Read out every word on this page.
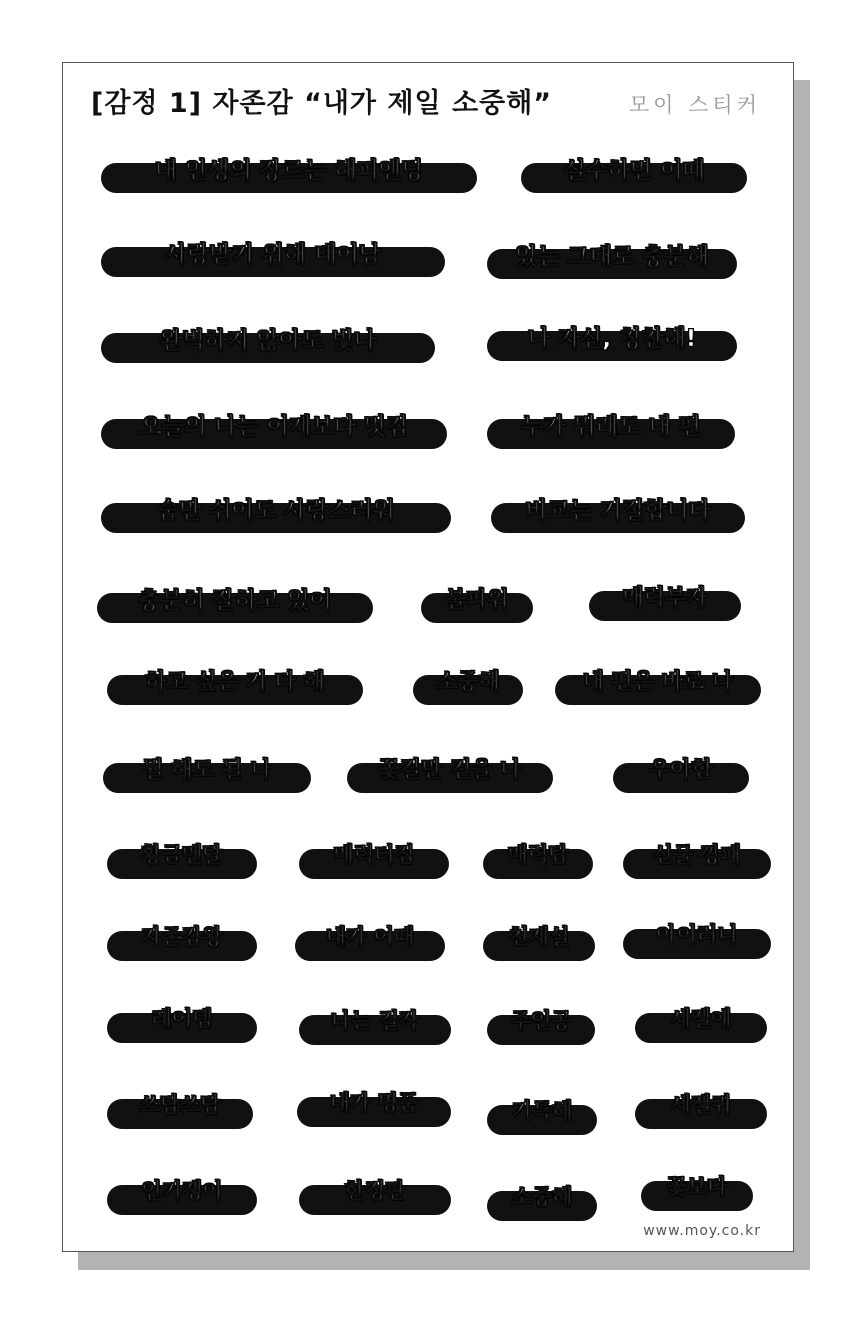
[감정 1] 자존감 “내가 제일 소중해”	모이 스티커
내 인생의 장르는 해피엔딩	실수하면 어때
사랑받기 위해 태어남	있는 그대로 충분해
완벽하지 않아도 빛나	나 자신, 칭찬해!
오늘의 나는 어제보다 멋짐	누가 뭐래도 내 편
숨만 쉬어도 사랑스러워	비교는 거절합니다
충분히 잘하고 있어	불파워	매력부자
하고 싶은 거 다 해	소중해	내 편은 바로 나
뭘 해도 될 나	꽃길만 걷을 나	우아함
황금멘탈	매력터짐	매력탑	신물 깡패
자존감왕	내가 어때	천재설	아이러니
레어템	나는 걸작	주인공	세젤예
쓰담쓰담	내가 명품	기특해	세젤귀
인기쟁이	한정판	소중해	꽃보다
www.moy.co.kr
